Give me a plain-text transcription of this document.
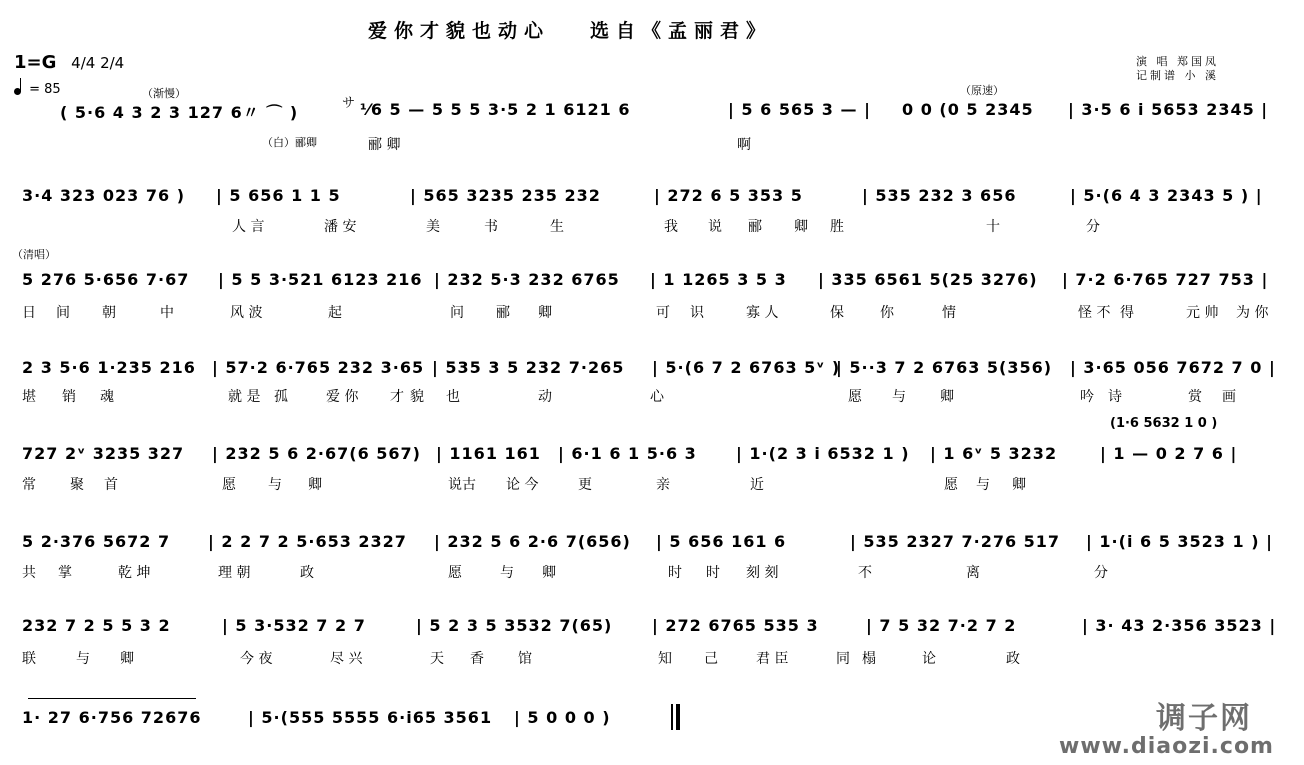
爱你才貌也动心 选自《孟丽君》
演 唱 郑国凤
记制谱 小 溪
1=G 4/4 2/4
= 85	（渐慢）
サ
（原速）
（白）郦卿
（清唱）
( 5·6 4 3 2 3 127 6〃 ⌒ )	⅟6 5 — 5 5 5 3·5 2 1 6121 6	| 5 6 565 3 — | 0 0 (0 5 2345 | 3·5 6 i 5653 2345 |
郦 卿	啊
3·4 323 023 76 ) | 5 656 1 1 5	| 565 3235 235 232	| 272 6 5 353 5	| 535 232 3 656	| 5·(6 4 3 2343 5 ) |
人 言	潘 安	美	书	生	我 说 郦 卿 胜	十	分
5 276 5·656 7·67 | 5 5 3·521 6123 216 | 232 5·3 232 6765 | 1 1265 3 5 3 | 335 6561 5(25 3276) | 7·2 6·765 727 753 |
日 间 朝	中	风 波	起	问 郦 卿	可 识	寡 人	保	你	情	怪 不 得	元 帅 为 你
2 3 5·6 1·235 216 | 57·2 6·765 232 3·65 | 535 3 5 232 7·265 | 5·(6 7 2 6763 5ᵛ )
| 5··3 7 2 6763 5(356) | 3·65 056 7672 7 0 |
堪 销 魂	就 是 孤	爱 你 才 貌 也	动	心	愿 与 卿	吟 诗	赏 画
(1·6 5632 1 0 )
727 2ᵛ 3235 327 | 232 5 6 2·67(6 567) | 1161 161 | 6·1 6 1 5·6 3 | 1·(2 3 i 6532 1 ) | 1 6ᵛ 5 3232	| 1 — 0 2 7 6 |
常 聚 首	愿 与 卿	说古 论 今	更	亲	近	愿 与 卿
5 2·376 5672 7 | 2 2 7 2 5·653 2327 | 232 5 6 2·6 7(656) | 5 656 161 6	| 535 2327 7·276 517 | 1·(i 6 5 3523 1 ) |
共 掌	乾 坤	理 朝	政	愿	与 卿	时 时 刻 刻	不	离	分
232 7 2 5 5 3 2	| 5 3·532 7 2 7	| 5 2 3 5 3532 7(65) | 272 6765 535 3	| 7 5 32 7·2 7 2	| 3· 43 2·356 3523 |
联	与 卿	今 夜	尽 兴	天 香 馆	知 己	君 臣	同 榻	论	政
1· 27 6·756 72676	| 5·(555 5555 6·i65 3561 | 5 0 0 0 )	调子网
www.diaozi.com
